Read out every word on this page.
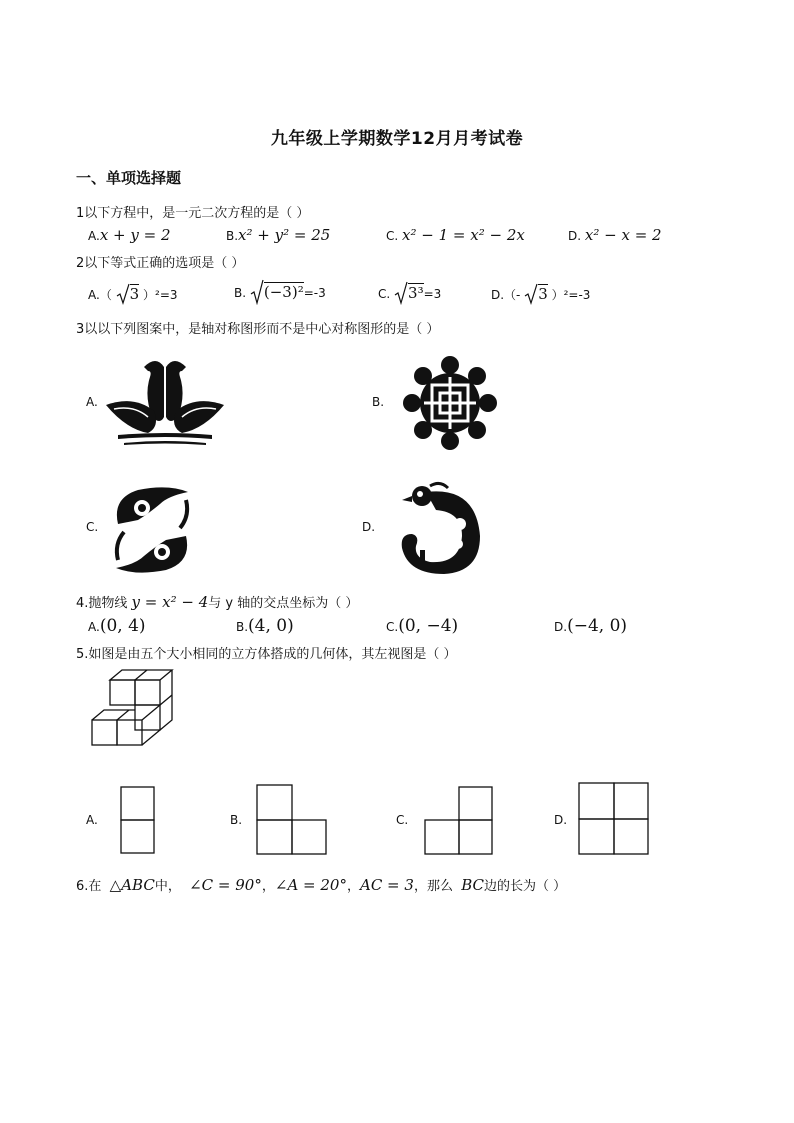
九年级上学期数学12月月考试卷
一、单项选择题
1以下方程中，是一元二次方程的是（ ）
A.x + y = 2	B.x² + y² = 25	C. x² − 1 = x² − 2x	D. x² − x = 2
2以下等式正确的选项是（ ）
A.（ 3 ）²=3	B. (−3)²=-3	C. 3³=3	D.（- 3 ）²=-3
3以以下列图案中，是轴对称图形而不是中心对称图形的是（ ）
A.	B.
C.	D.
4.抛物线 y = x² − 4与 y 轴的交点坐标为（ ）
A.(0, 4)	B.(4, 0)	C.(0, −4)	D.(−4, 0)
5.如图是由五个大小相同的立方体搭成的几何体，其左视图是（ ）
A.	B.	C.	D.
6.在 △ABC中， ∠C = 90°，∠A = 20°，AC = 3，那么 BC边的长为（ ）
